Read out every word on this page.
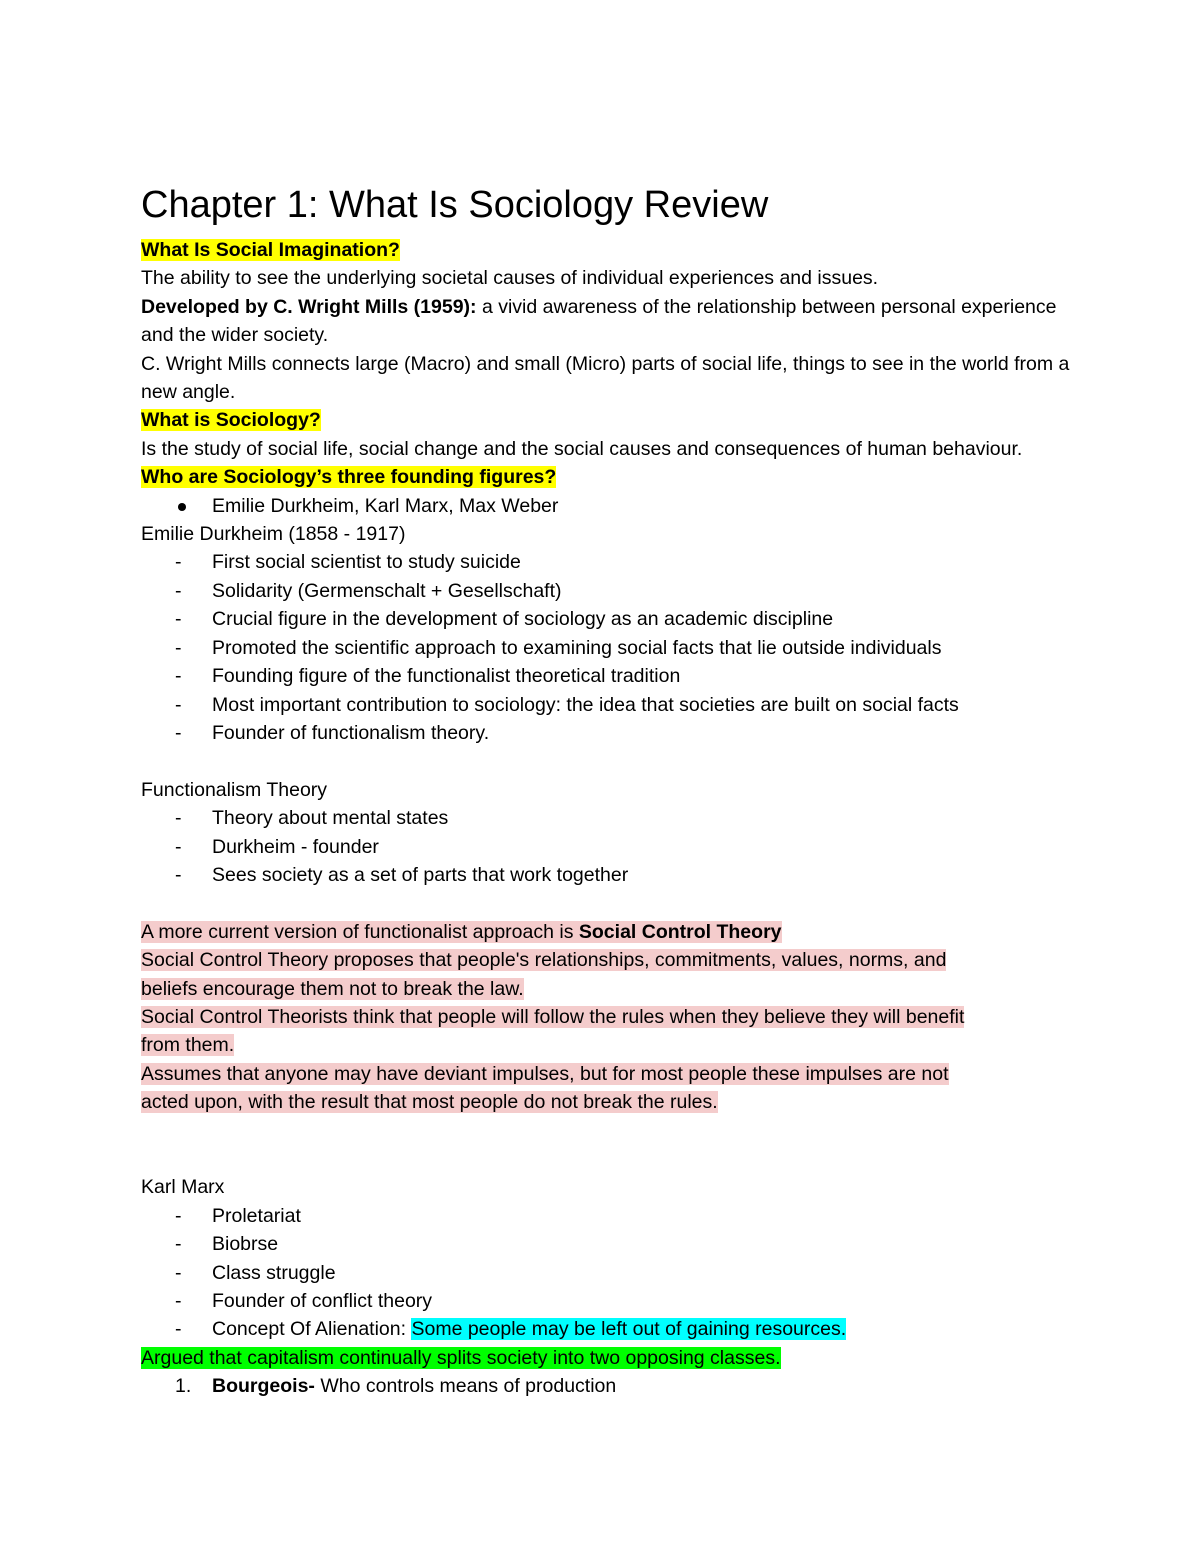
Chapter 1: What Is Sociology Review

What Is Social Imagination?

The ability to see the underlying societal causes of individual experiences and issues.

Developed by C. Wright Mills (1959): a vivid awareness of the relationship between personal experience and the wider society.

C. Wright Mills connects large (Macro) and small (Micro) parts of social life, things to see in the world from a new angle.

What is Sociology?

Is the study of social life, social change and the social causes and consequences of human behaviour.

Who are Sociology’s three founding figures?

Emilie Durkheim, Karl Marx, Max Weber

Emilie Durkheim (1858 - 1917)

-	First social scientist to study suicide
-	Solidarity (Germenschalt + Gesellschaft)
-	Crucial figure in the development of sociology as an academic discipline
-	Promoted the scientific approach to examining social facts that lie outside individuals
-	Founding figure of the functionalist theoretical tradition
-	Most important contribution to sociology: the idea that societies are built on social facts
-	Founder of functionalism theory.

Functionalism Theory

-	Theory about mental states
-	Durkheim - founder
-	Sees society as a set of parts that work together

A more current version of functionalist approach is Social Control Theory

Social Control Theory proposes that people's relationships, commitments, values, norms, and

beliefs encourage them not to break the law.

Social Control Theorists think that people will follow the rules when they believe they will benefit

from them.

Assumes that anyone may have deviant impulses, but for most people these impulses are not

acted upon, with the result that most people do not break the rules.

Karl Marx

-	Proletariat
-	Biobrse
-	Class struggle
-	Founder of conflict theory
-	Concept Of Alienation: Some people may be left out of gaining resources.

Argued that capitalism continually splits society into two opposing classes.

1.	Bourgeois- Who controls means of production
